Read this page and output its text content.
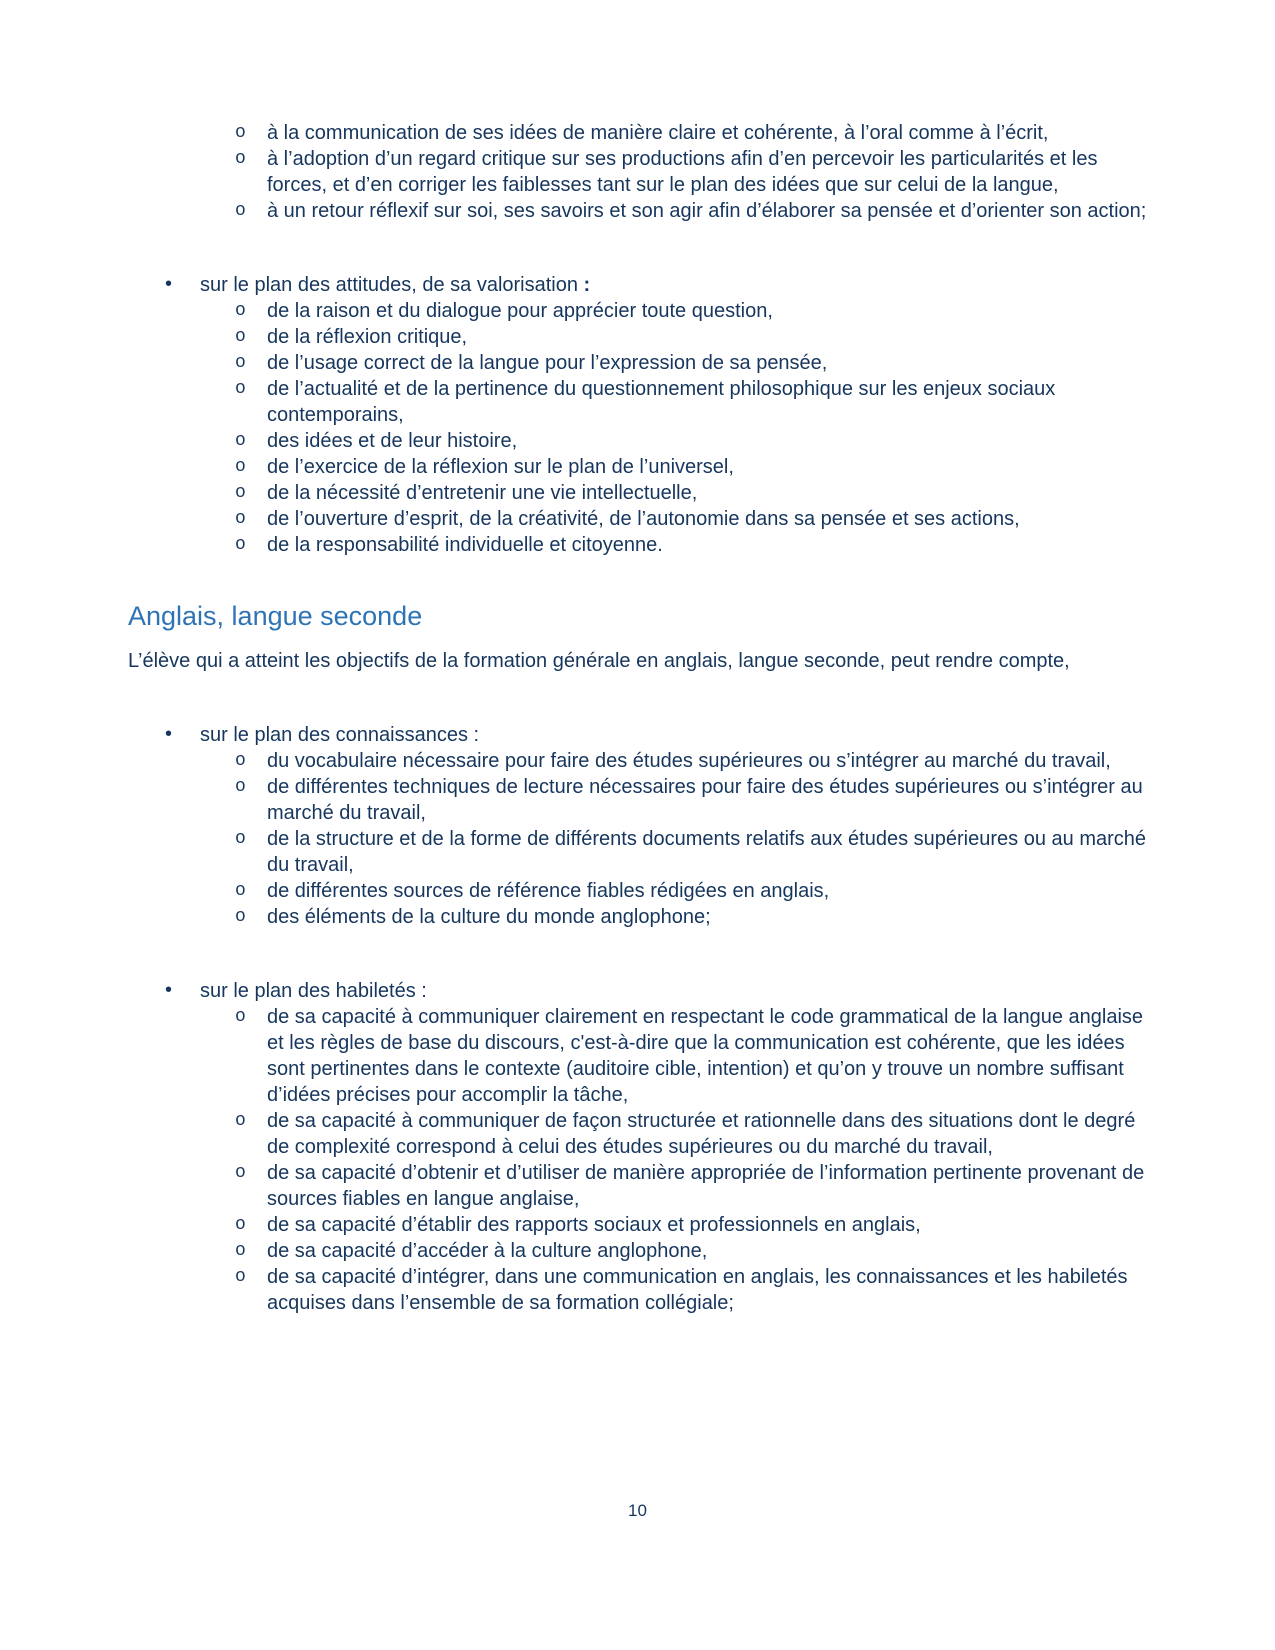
o à la communication de ses idées de manière claire et cohérente, à l’oral comme à l’écrit,
o à l’adoption d’un regard critique sur ses productions afin d’en percevoir les particularités et les forces, et d’en corriger les faiblesses tant sur le plan des idées que sur celui de la langue,
o à un retour réflexif sur soi, ses savoirs et son agir afin d’élaborer sa pensée et d’orienter son action;
• sur le plan des attitudes, de sa valorisation :
o de la raison et du dialogue pour apprécier toute question,
o de la réflexion critique,
o de l’usage correct de la langue pour l’expression de sa pensée,
o de l’actualité et de la pertinence du questionnement philosophique sur les enjeux sociaux contemporains,
o des idées et de leur histoire,
o de l’exercice de la réflexion sur le plan de l’universel,
o de la nécessité d’entretenir une vie intellectuelle,
o de l’ouverture d’esprit, de la créativité, de l’autonomie dans sa pensée et ses actions,
o de la responsabilité individuelle et citoyenne.
Anglais, langue seconde

L’élève qui a atteint les objectifs de la formation générale en anglais, langue seconde, peut rendre compte,

• sur le plan des connaissances :
o du vocabulaire nécessaire pour faire des études supérieures ou s’intégrer au marché du travail,
o de différentes techniques de lecture nécessaires pour faire des études supérieures ou s’intégrer au marché du travail,
o de la structure et de la forme de différents documents relatifs aux études supérieures ou au marché du travail,
o de différentes sources de référence fiables rédigées en anglais,
o des éléments de la culture du monde anglophone;
• sur le plan des habiletés :
o de sa capacité à communiquer clairement en respectant le code grammatical de la langue anglaise et les règles de base du discours, c'est-à-dire que la communication est cohérente, que les idées sont pertinentes dans le contexte (auditoire cible, intention) et qu’on y trouve un nombre suffisant d’idées précises pour accomplir la tâche,
o de sa capacité à communiquer de façon structurée et rationnelle dans des situations dont le degré de complexité correspond à celui des études supérieures ou du marché du travail,
o de sa capacité d’obtenir et d’utiliser de manière appropriée de l’information pertinente provenant de sources fiables en langue anglaise,
o de sa capacité d’établir des rapports sociaux et professionnels en anglais,
o de sa capacité d’accéder à la culture anglophone,
o de sa capacité d’intégrer, dans une communication en anglais, les connaissances et les habiletés acquises dans l’ensemble de sa formation collégiale;
10
